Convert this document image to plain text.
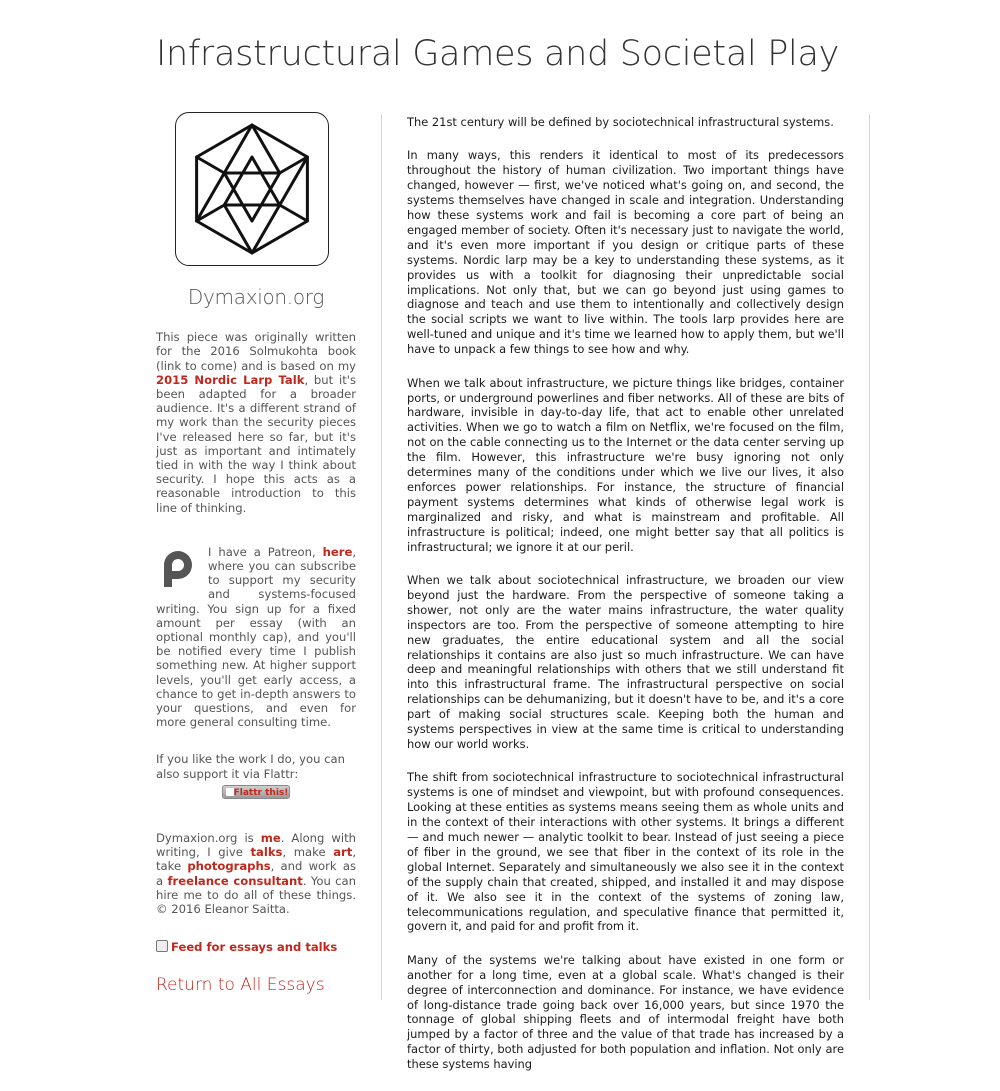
Infrastructural Games and Societal Play
Dymaxion.org

This piece was originally written for the 2016 Solmukohta book (link to come) and is based on my 2015 Nordic Larp Talk, but it's been adapted for a broader audience. It's a different strand of my work than the security pieces I've released here so far, but it's just as important and intimately tied in with the way I think about security. I hope this acts as a reasonable introduction to this line of thinking.

I have a Patreon, here, where you can subscribe to support my security and systems-focused writing. You sign up for a fixed amount per essay (with an optional monthly cap), and you'll be notified every time I publish something new. At higher support levels, you'll get early access, a chance to get in-depth answers to your questions, and even for more general consulting time.

If you like the work I do, you can also support it via Flattr:

Flattr this!

Dymaxion.org is me. Along with writing, I give talks, make art, take photographs, and work as a freelance consultant. You can hire me to do all of these things. © 2016 Eleanor Saitta.

Feed for essays and talks
Return to All Essays

The 21st century will be defined by sociotechnical infrastructural systems.

In many ways, this renders it identical to most of its predecessors throughout the history of human civilization. Two important things have changed, however — first, we've noticed what's going on, and second, the systems themselves have changed in scale and integration. Understanding how these systems work and fail is becoming a core part of being an engaged member of society. Often it's necessary just to navigate the world, and it's even more important if you design or critique parts of these systems. Nordic larp may be a key to understanding these systems, as it provides us with a toolkit for diagnosing their unpredictable social implications. Not only that, but we can go beyond just using games to diagnose and teach and use them to intentionally and collectively design the social scripts we want to live within. The tools larp provides here are well-tuned and unique and it's time we learned how to apply them, but we'll have to unpack a few things to see how and why.

When we talk about infrastructure, we picture things like bridges, container ports, or underground powerlines and fiber networks. All of these are bits of hardware, invisible in day-to-day life, that act to enable other unrelated activities. When we go to watch a film on Netflix, we're focused on the film, not on the cable connecting us to the Internet or the data center serving up the film. However, this infrastructure we're busy ignoring not only determines many of the conditions under which we live our lives, it also enforces power relationships. For instance, the structure of financial payment systems determines what kinds of otherwise legal work is marginalized and risky, and what is mainstream and profitable. All infrastructure is political; indeed, one might better say that all politics is infrastructural; we ignore it at our peril.

When we talk about sociotechnical infrastructure, we broaden our view beyond just the hardware. From the perspective of someone taking a shower, not only are the water mains infrastructure, the water quality inspectors are too. From the perspective of someone attempting to hire new graduates, the entire educational system and all the social relationships it contains are also just so much infrastructure. We can have deep and meaningful relationships with others that we still understand fit into this infrastructural frame. The infrastructural perspective on social relationships can be dehumanizing, but it doesn't have to be, and it's a core part of making social structures scale. Keeping both the human and systems perspectives in view at the same time is critical to understanding how our world works.

The shift from sociotechnical infrastructure to sociotechnical infrastructural systems is one of mindset and viewpoint, but with profound consequences. Looking at these entities as systems means seeing them as whole units and in the context of their interactions with other systems. It brings a different — and much newer — analytic toolkit to bear. Instead of just seeing a piece of fiber in the ground, we see that fiber in the context of its role in the global Internet. Separately and simultaneously we also see it in the context of the supply chain that created, shipped, and installed it and may dispose of it. We also see it in the context of the systems of zoning law, telecommunications regulation, and speculative finance that permitted it, govern it, and paid for and profit from it.

Many of the systems we're talking about have existed in one form or another for a long time, even at a global scale. What's changed is their degree of interconnection and dominance. For instance, we have evidence of long-distance trade going back over 16,000 years, but since 1970 the tonnage of global shipping fleets and of intermodal freight have both jumped by a factor of three and the value of that trade has increased by a factor of thirty, both adjusted for both population and inflation. Not only are these systems having
